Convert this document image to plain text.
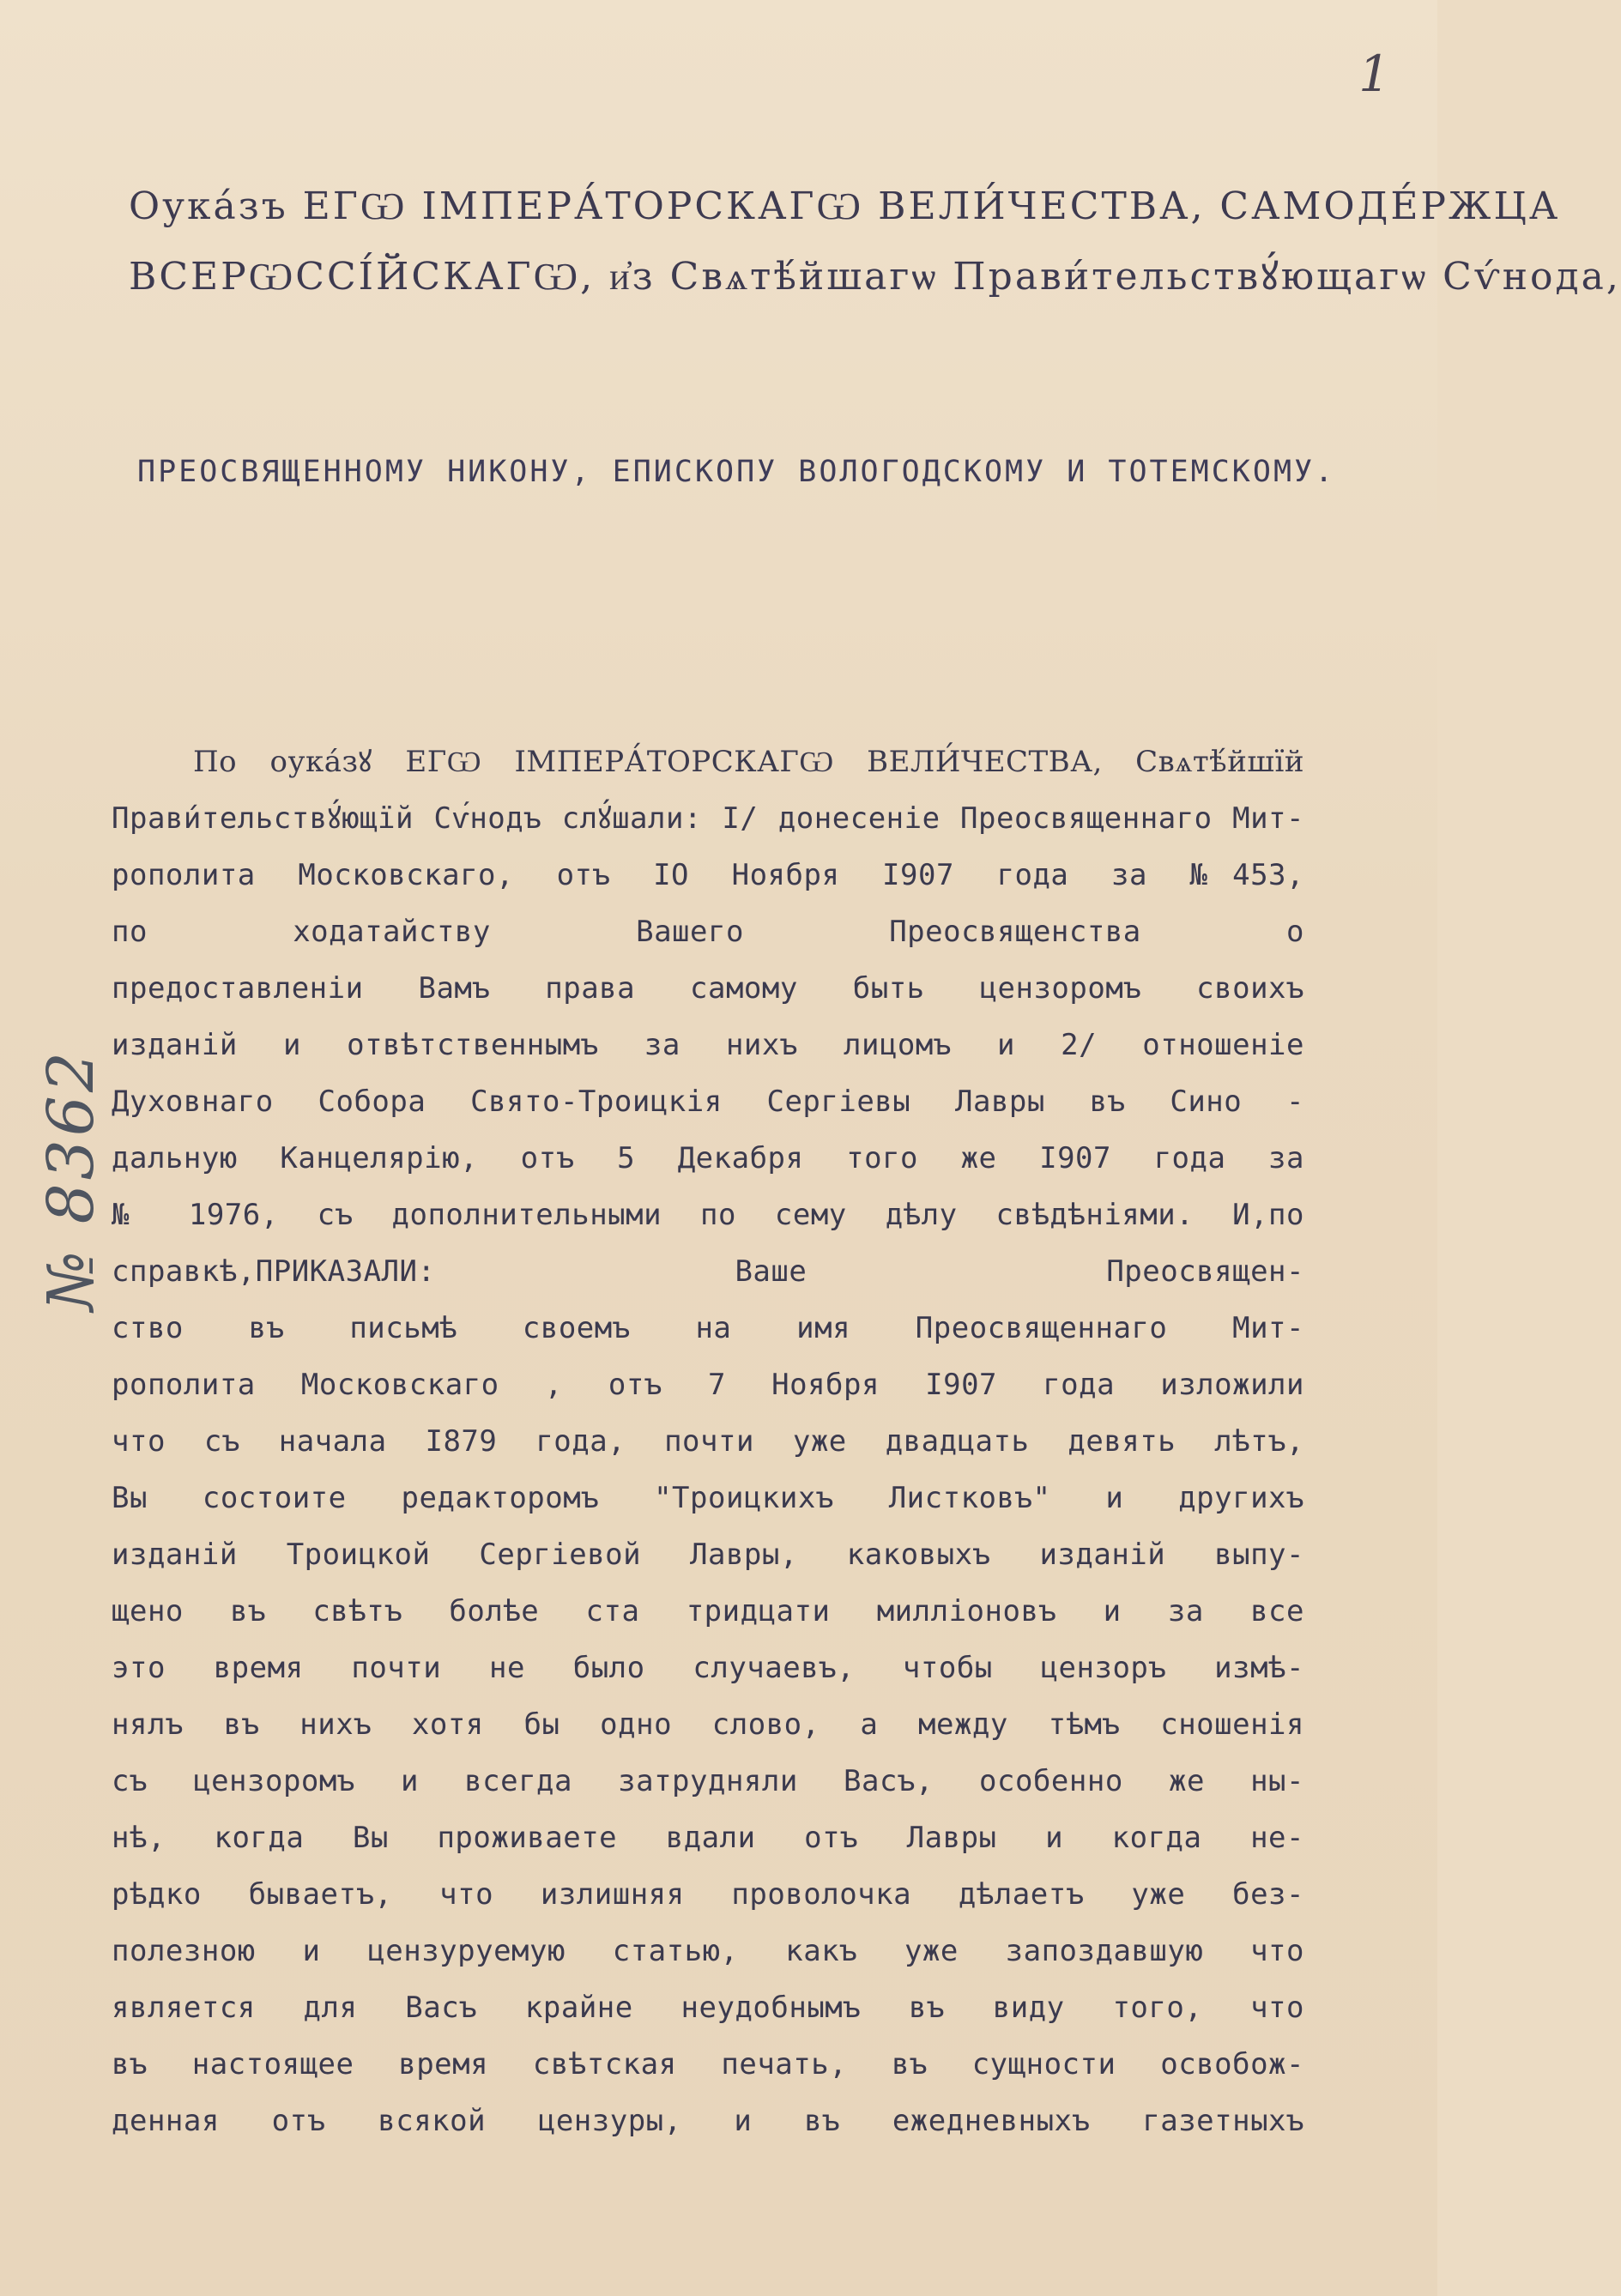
1
№ 8362
Оукáзъ ЕГѠ ІМПЕРА́ТОРСКАГѠ ВЕЛИ́ЧЕСТВА, САМОДЕ́РЖЦА
ВСЕРѠССІ́ЙСКАГѠ, и҆з Свѧтѣ́йшагѡ Прави́тельствꙋ́ющагѡ Сѵ́нода,
ПРЕОСВЯЩЕННОМУ НИКОНУ, ЕПИСКОПУ ВОЛОГОДСКОМУ И ТОТЕМСКОМУ.
По оукáзꙋ ЕГѠ ІМПЕРА́ТОРСКАГѠ ВЕЛИ́ЧЕСТВА, Свѧтѣ́йшїй
Прави́тельствꙋ́ющїй Сѵ́нодъ слꙋ́шали: I/ донесеніе Преосвященнаго Мит-
рополита Московскаго, отъ IО Ноября I907 года за №453,
по ходатайству Вашего Преосвященства о
предоставленіи Вамъ права самому быть цензоромъ своихъ
изданій и отвѣтственнымъ за нихъ лицомъ и 2/ отношеніе
Духовнаго Собора Свято-Троицкія Сергіевы Лавры въ Сино -
дальную Канцелярію, отъ 5 Декабря того же I907 года за
№ 1976, съ дополнительными по сему дѣлу свѣдѣніями. И,по
справкѣ,ПРИКАЗАЛИ: Ваше Преосвящен-
ство въ письмѣ своемъ на имя Преосвященнаго Мит-
рополита Московскаго , отъ 7 Ноября I907 года изложили
что съ начала I879 года, почти уже двадцать девять лѣтъ,
Вы состоите редакторомъ "Троицкихъ Листковъ" и другихъ
изданій Троицкой Сергіевой Лавры, каковыхъ изданій выпу-
щено въ свѣтъ болѣе ста тридцати милліоновъ и за все
это время почти не было случаевъ, чтобы цензоръ измѣ-
нялъ въ нихъ хотя бы одно слово, а между тѣмъ сношенія
съ цензоромъ и всегда затрудняли Васъ, особенно же ны-
нѣ, когда Вы проживаете вдали отъ Лавры и когда не-
рѣдко бываетъ, что излишняя проволочка дѣлаетъ уже без-
полезною и цензуруемую статью, какъ уже запоздавшую что
является для Васъ крайне неудобнымъ въ виду того, что
въ настоящее время свѣтская печать, въ сущности освобож-
денная отъ всякой цензуры, и въ ежедневныхъ газетныхъ
